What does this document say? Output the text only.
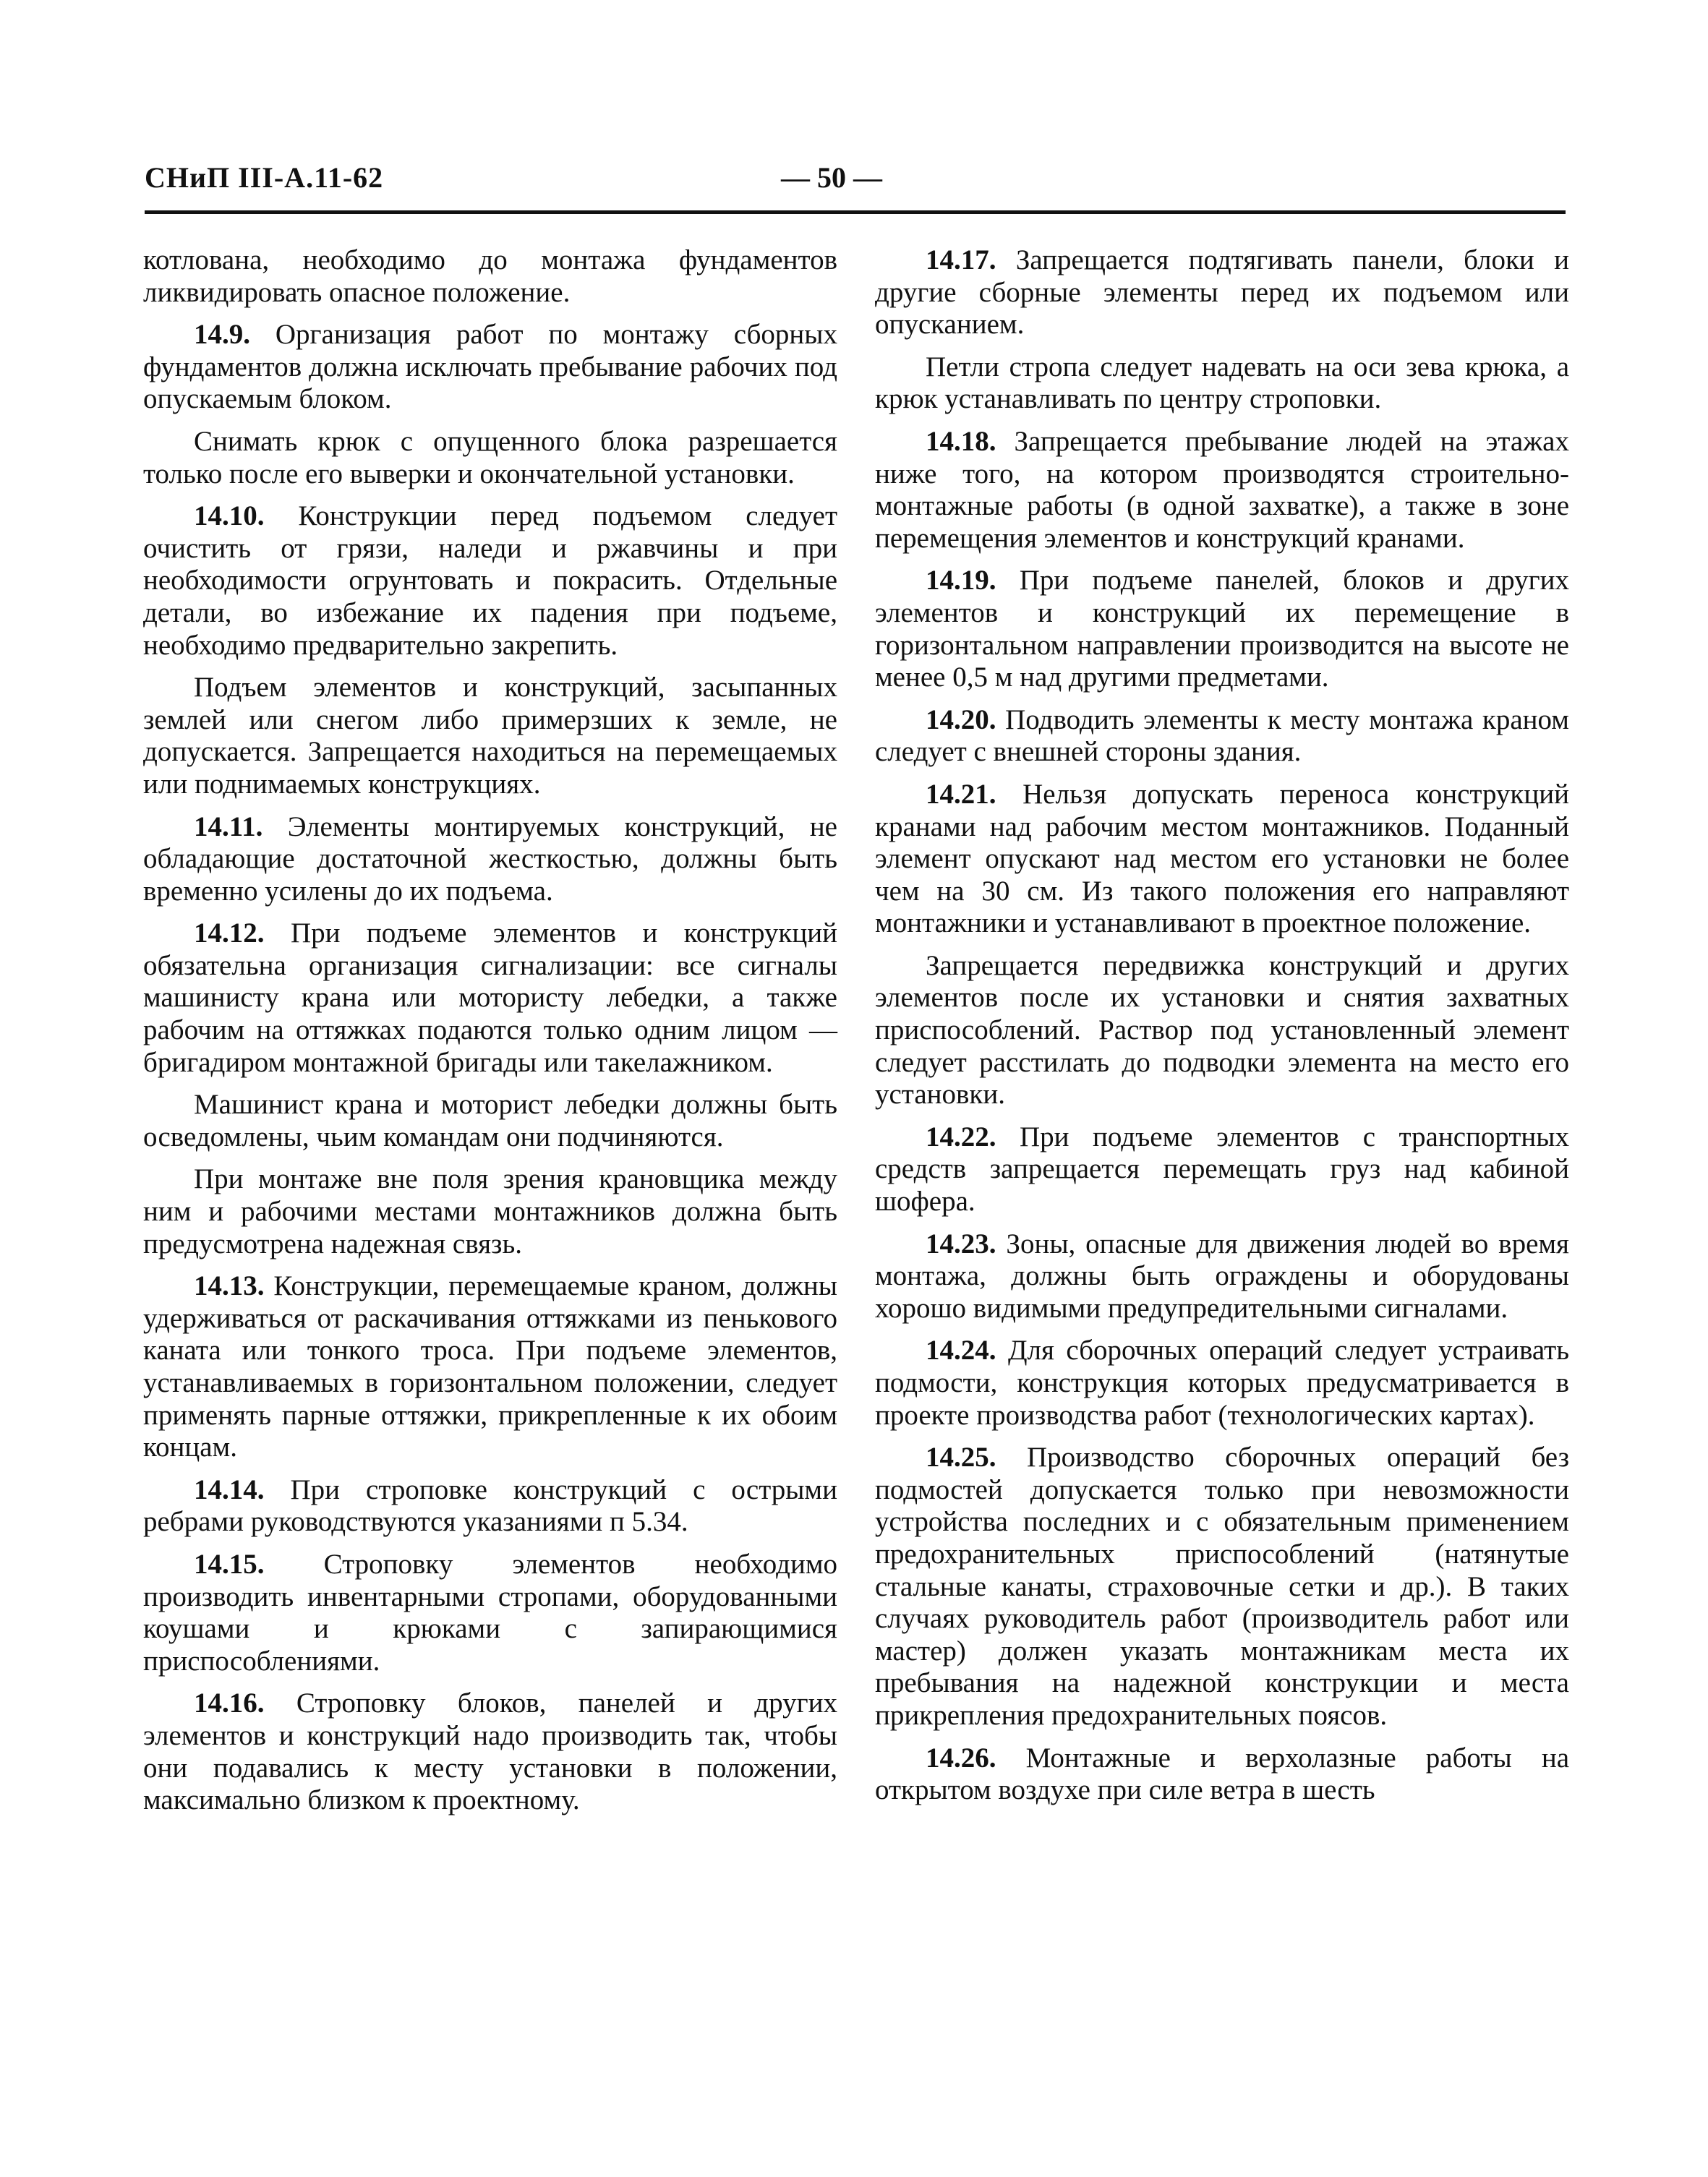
СНиП III-A.11-62	— 50 —

котлована, необходимо до монтажа фундаментов ликвидировать опасное положение.

14.9. Организация работ по монтажу сборных фундаментов должна исключать пребывание рабочих под опускаемым блоком.

Снимать крюк с опущенного блока разрешается только после его выверки и окончательной установки.

14.10. Конструкции перед подъемом следует очистить от грязи, наледи и ржавчины и при необходимости огрунтовать и покрасить. Отдельные детали, во избежание их падения при подъеме, необходимо предварительно закрепить.

Подъем элементов и конструкций, засыпанных землей или снегом либо примерзших к земле, не допускается. Запрещается находиться на перемещаемых или поднимаемых конструкциях.

14.11. Элементы монтируемых конструкций, не обладающие достаточной жесткостью, должны быть временно усилены до их подъема.

14.12. При подъеме элементов и конструкций обязательна организация сигнализации: все сигналы машинисту крана или мотористу лебедки, а также рабочим на оттяжках подаются только одним лицом — бригадиром монтажной бригады или такелажником.

Машинист крана и моторист лебедки должны быть осведомлены, чьим командам они подчиняются.

При монтаже вне поля зрения крановщика между ним и рабочими местами монтажников должна быть предусмотрена надежная связь.

14.13. Конструкции, перемещаемые краном, должны удерживаться от раскачивания оттяжками из пенькового каната или тонкого троса. При подъеме элементов, устанавливаемых в горизонтальном положении, следует применять парные оттяжки, прикрепленные к их обоим концам.

14.14. При строповке конструкций с острыми ребрами руководствуются указаниями п 5.34.

14.15. Строповку элементов необходимо производить инвентарными стропами, оборудованными коушами и крюками с запирающимися приспособлениями.

14.16. Строповку блоков, панелей и других элементов и конструкций надо производить так, чтобы они подавались к месту установки в положении, максимально близком к проектному.

14.17. Запрещается подтягивать панели, блоки и другие сборные элементы перед их подъемом или опусканием.

Петли стропа следует надевать на оси зева крюка, а крюк устанавливать по центру строповки.

14.18. Запрещается пребывание людей на этажах ниже того, на котором производятся строительно-монтажные работы (в одной захватке), а также в зоне перемещения элементов и конструкций кранами.

14.19. При подъеме панелей, блоков и других элементов и конструкций их перемещение в горизонтальном направлении производится на высоте не менее 0,5 м над другими предметами.

14.20. Подводить элементы к месту монтажа краном следует с внешней стороны здания.

14.21. Нельзя допускать переноса конструкций кранами над рабочим местом монтажников. Поданный элемент опускают над местом его установки не более чем на 30 см. Из такого положения его направляют монтажники и устанавливают в проектное положение.

Запрещается передвижка конструкций и других элементов после их установки и снятия захватных приспособлений. Раствор под установленный элемент следует расстилать до подводки элемента на место его установки.

14.22. При подъеме элементов с транспортных средств запрещается перемещать груз над кабиной шофера.

14.23. Зоны, опасные для движения людей во время монтажа, должны быть ограждены и оборудованы хорошо видимыми предупредительными сигналами.

14.24. Для сборочных операций следует устраивать подмости, конструкция которых предусматривается в проекте производства работ (технологических картах).

14.25. Производство сборочных операций без подмостей допускается только при невозможности устройства последних и с обязательным применением предохранительных приспособлений (натянутые стальные канаты, страховочные сетки и др.). В таких случаях руководитель работ (производитель работ или мастер) должен указать монтажникам места их пребывания на надежной конструкции и места прикрепления предохранительных поясов.

14.26. Монтажные и верхолазные работы на открытом воздухе при силе ветра в шесть
